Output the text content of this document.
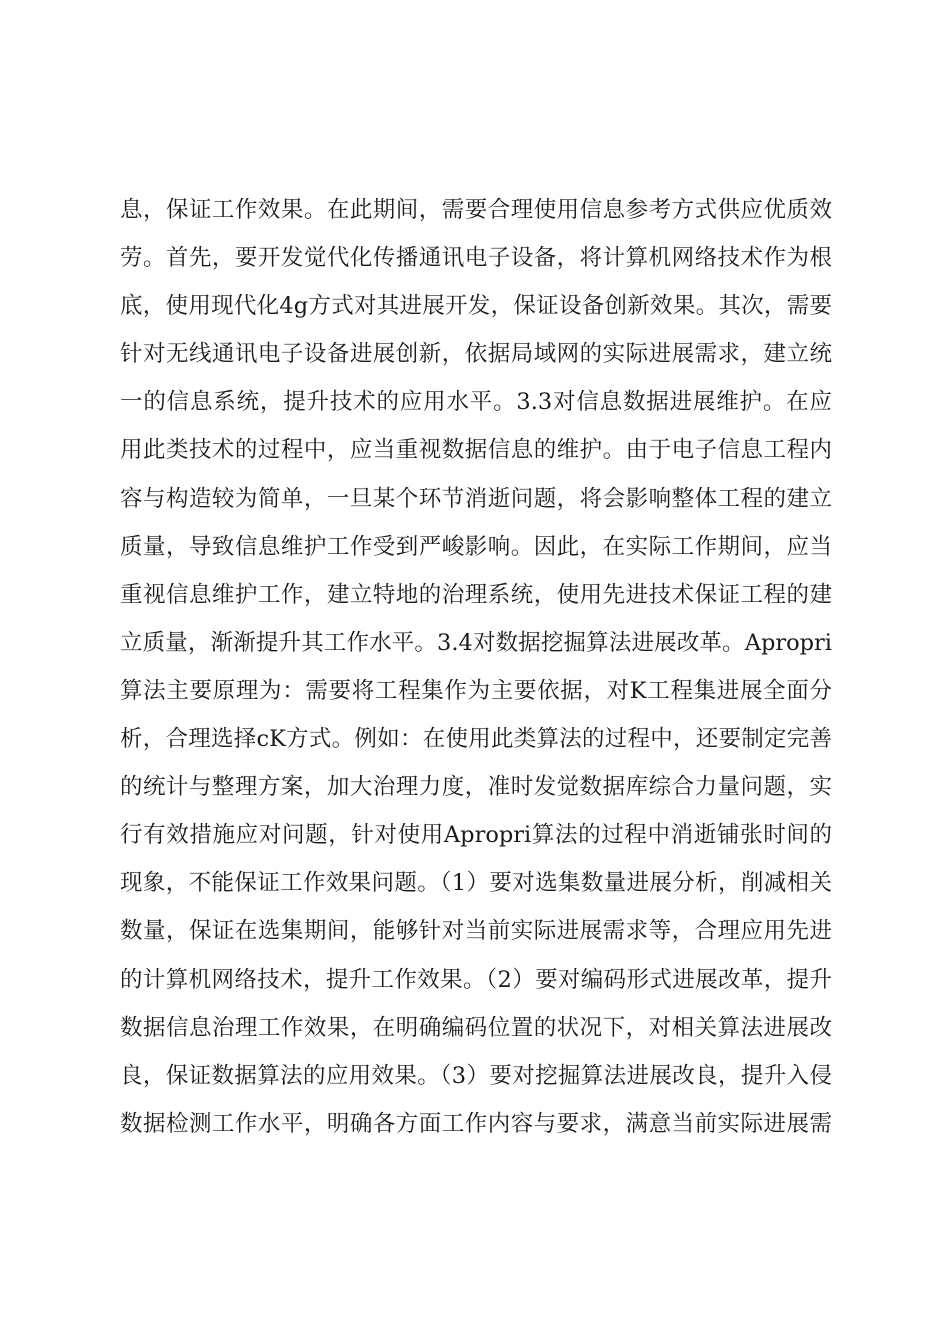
息，保证工作效果。在此期间，需要合理使用信息参考方式供应优质效
劳。首先，要开发觉代化传播通讯电子设备，将计算机网络技术作为根
底，使用现代化4g方式对其进展开发，保证设备创新效果。其次，需要
针对无线通讯电子设备进展创新，依据局域网的实际进展需求，建立统
一的信息系统，提升技术的应用水平。3.3对信息数据进展维护。在应
用此类技术的过程中，应当重视数据信息的维护。由于电子信息工程内
容与构造较为简单，一旦某个环节消逝问题，将会影响整体工程的建立
质量，导致信息维护工作受到严峻影响。因此，在实际工作期间，应当
重视信息维护工作，建立特地的治理系统，使用先进技术保证工程的建
立质量，渐渐提升其工作水平。3.4对数据挖掘算法进展改革。Apropri
算法主要原理为：需要将工程集作为主要依据，对K工程集进展全面分
析，合理选择cK方式。例如：在使用此类算法的过程中，还要制定完善
的统计与整理方案，加大治理力度，准时发觉数据库综合力量问题，实
行有效措施应对问题，针对使用Apropri算法的过程中消逝铺张时间的
现象，不能保证工作效果问题。（1）要对选集数量进展分析，削减相关
数量，保证在选集期间，能够针对当前实际进展需求等，合理应用先进
的计算机网络技术，提升工作效果。（2）要对编码形式进展改革，提升
数据信息治理工作效果，在明确编码位置的状况下，对相关算法进展改
良，保证数据算法的应用效果。（3）要对挖掘算法进展改良，提升入侵
数据检测工作水平，明确各方面工作内容与要求，满意当前实际进展需
